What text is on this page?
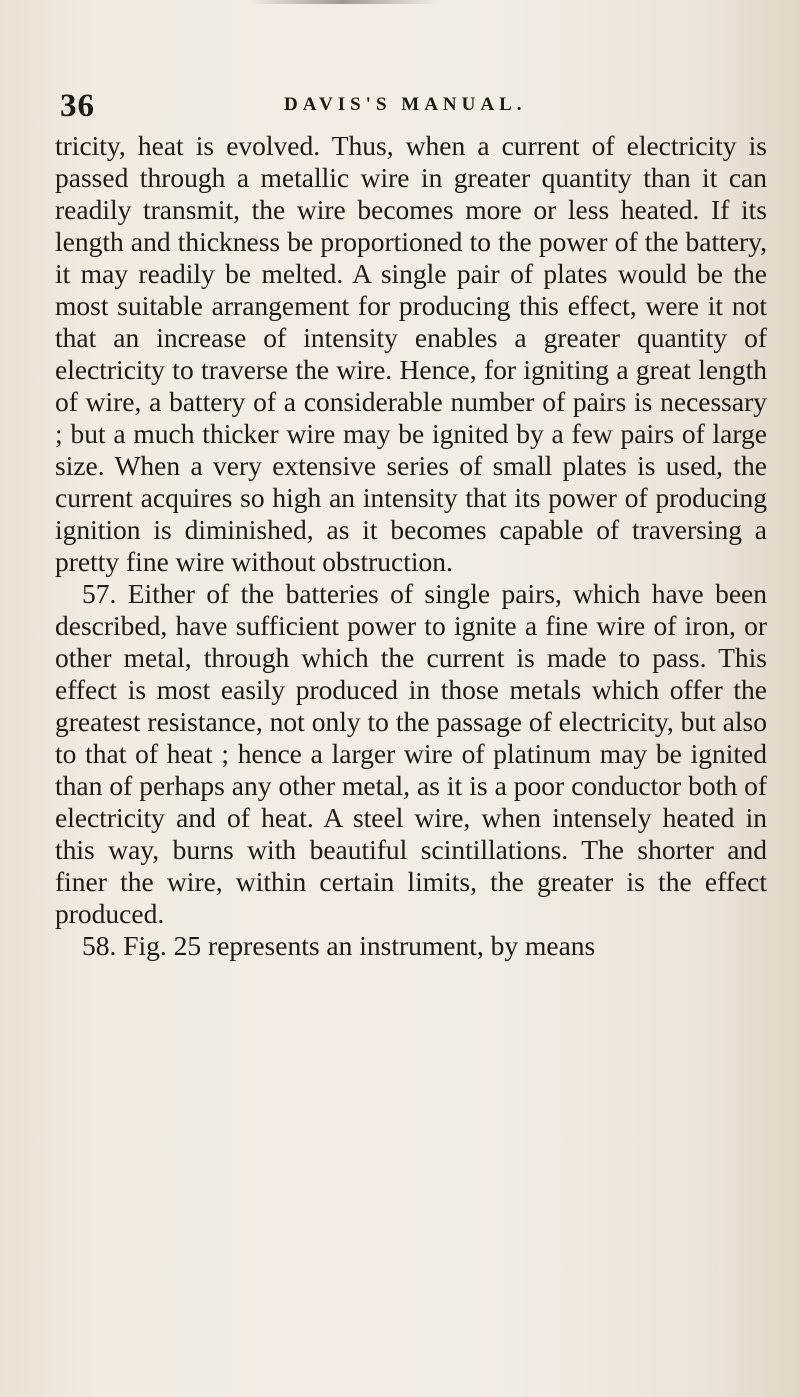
36	DAVIS'S MANUAL.

tricity, heat is evolved. Thus, when a current of electricity is passed through a metallic wire in greater quantity than it can readily transmit, the wire becomes more or less heated. If its length and thickness be proportioned to the power of the battery, it may readily be melted. A single pair of plates would be the most suitable arrangement for producing this effect, were it not that an increase of intensity enables a greater quantity of electricity to traverse the wire. Hence, for igniting a great length of wire, a battery of a considerable number of pairs is necessary ; but a much thicker wire may be ignited by a few pairs of large size. When a very extensive series of small plates is used, the current acquires so high an intensity that its power of producing ignition is diminished, as it becomes capable of traversing a pretty fine wire without obstruction.

57. Either of the batteries of single pairs, which have been described, have sufficient power to ignite a fine wire of iron, or other metal, through which the current is made to pass. This effect is most easily produced in those metals which offer the greatest resistance, not only to the passage of electricity, but also to that of heat ; hence a larger wire of platinum may be ignited than of perhaps any other metal, as it is a poor conductor both of electricity and of heat. A steel wire, when intensely heated in this way, burns with beautiful scintillations. The shorter and finer the wire, within certain limits, the greater is the effect produced.

58. Fig. 25 represents an instrument, by means
